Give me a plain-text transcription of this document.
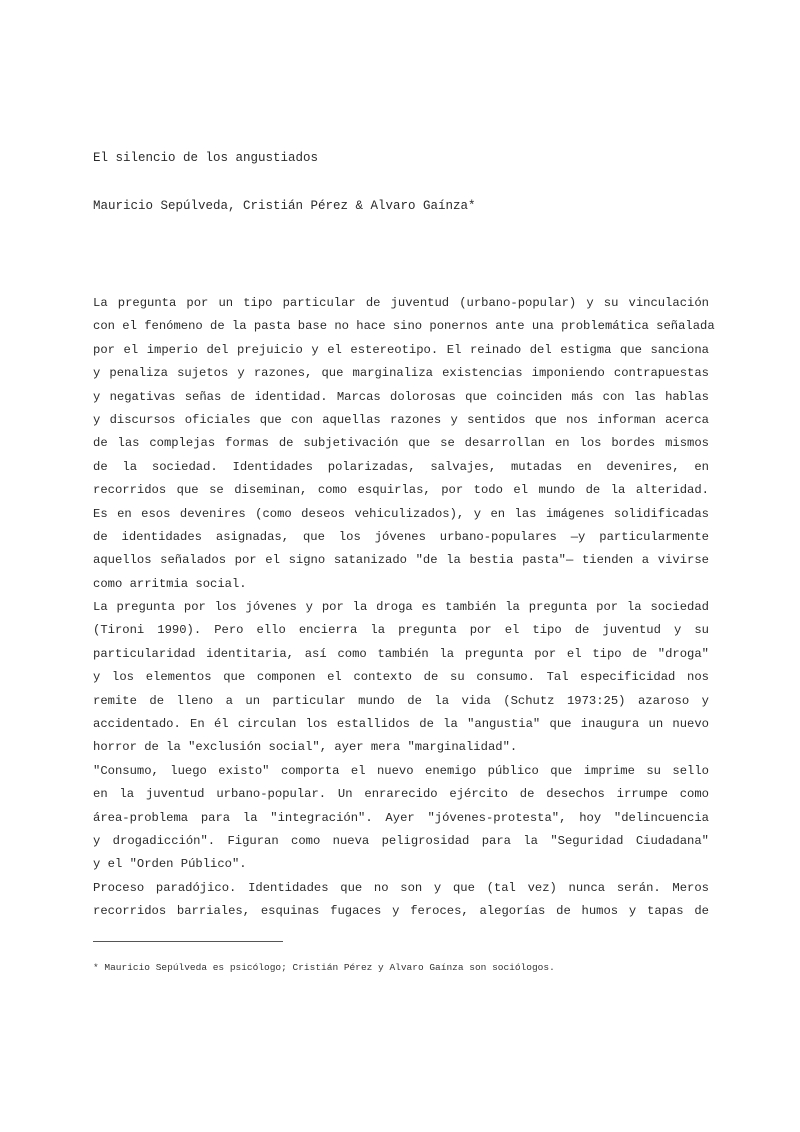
El silencio de los angustiados
Mauricio Sepúlveda, Cristián Pérez & Alvaro Gaínza*
La pregunta por un tipo particular de juventud (urbano-popular) y su vinculación
con el fenómeno de la pasta base no hace sino ponernos ante una problemática señalada
por el imperio del prejuicio y el estereotipo. El reinado del estigma que sanciona
y penaliza sujetos y razones, que marginaliza existencias imponiendo contrapuestas
y negativas señas de identidad. Marcas dolorosas que coinciden más con las hablas
y discursos oficiales que con aquellas razones y sentidos que nos informan acerca
de las complejas formas de subjetivación que se desarrollan en los bordes mismos
de la sociedad. Identidades polarizadas, salvajes, mutadas en devenires, en
recorridos que se diseminan, como esquirlas, por todo el mundo de la alteridad.
Es en esos devenires (como deseos vehiculizados), y en las imágenes solidificadas
de identidades asignadas, que los jóvenes urbano-populares —y particularmente
aquellos señalados por el signo satanizado "de la bestia pasta"— tienden a vivirse
como arritmia social.
La pregunta por los jóvenes y por la droga es también la pregunta por la sociedad
(Tironi 1990). Pero ello encierra la pregunta por el tipo de juventud y su
particularidad identitaria, así como también la pregunta por el tipo de "droga"
y los elementos que componen el contexto de su consumo. Tal especificidad nos
remite de lleno a un particular mundo de la vida (Schutz 1973:25) azaroso y
accidentado. En él circulan los estallidos de la "angustia" que inaugura un nuevo
horror de la "exclusión social", ayer mera "marginalidad".
"Consumo, luego existo" comporta el nuevo enemigo público que imprime su sello
en la juventud urbano-popular. Un enrarecido ejército de desechos irrumpe como
área-problema para la "integración". Ayer "jóvenes-protesta", hoy "delincuencia
y drogadicción". Figuran como nueva peligrosidad para la "Seguridad Ciudadana"
y el "Orden Público".
Proceso paradójico. Identidades que no son y que (tal vez) nunca serán. Meros
recorridos barriales, esquinas fugaces y feroces, alegorías de humos y tapas de
* Mauricio Sepúlveda es psicólogo; Cristián Pérez y Alvaro Gaínza son sociólogos.
